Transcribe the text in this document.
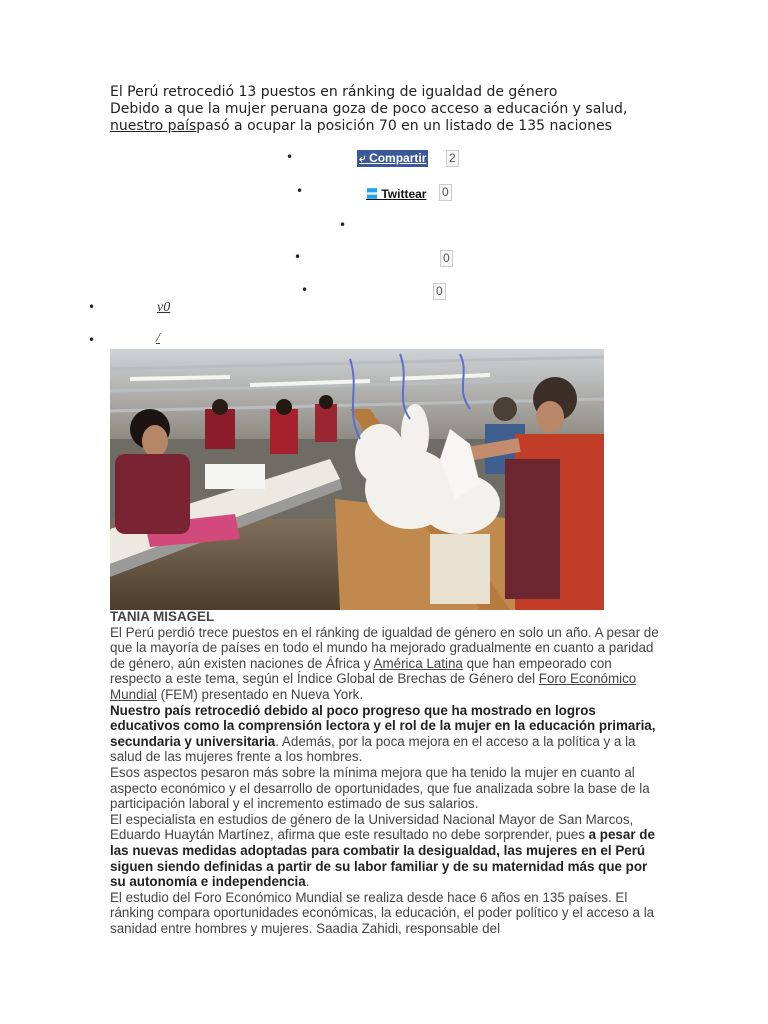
El Perú retrocedió 13 puestos en ránking de igualdad de género
Debido a que la mujer peruana goza de poco acceso a educación y salud, nuestro paíspasó a ocupar la posición 70 en un listado de 135 naciones
•	⤶ Compartir 2
•	〓 Twittear 0
•
•	0
•	0
•	ν0
•	/

TANIA MISAGEL

El Perú perdió trece puestos en el ránking de igualdad de género en solo un año. A pesar de que la mayoría de países en todo el mundo ha mejorado gradualmente en cuanto a paridad de género, aún existen naciones de África y América Latina que han empeorado con respecto a este tema, según el Índice Global de Brechas de Género del Foro Económico Mundial (FEM) presentado en Nueva York.

Nuestro país retrocedió debido al poco progreso que ha mostrado en logros educativos como la comprensión lectora y el rol de la mujer en la educación primaria, secundaria y universitaria. Además, por la poca mejora en el acceso a la política y a la salud de las mujeres frente a los hombres.

Esos aspectos pesaron más sobre la mínima mejora que ha tenido la mujer en cuanto al aspecto económico y el desarrollo de oportunidades, que fue analizada sobre la base de la participación laboral y el incremento estimado de sus salarios.

El especialista en estudios de género de la Universidad Nacional Mayor de San Marcos, Eduardo Huaytán Martínez, afirma que este resultado no debe sorprender, pues a pesar de las nuevas medidas adoptadas para combatir la desigualdad, las mujeres en el Perú siguen siendo definidas a partir de su labor familiar y de su maternidad más que por su autonomía e independencia.

El estudio del Foro Económico Mundial se realiza desde hace 6 años en 135 países. El ránking compara oportunidades económicas, la educación, el poder político y el acceso a la sanidad entre hombres y mujeres. Saadia Zahidi, responsable del
